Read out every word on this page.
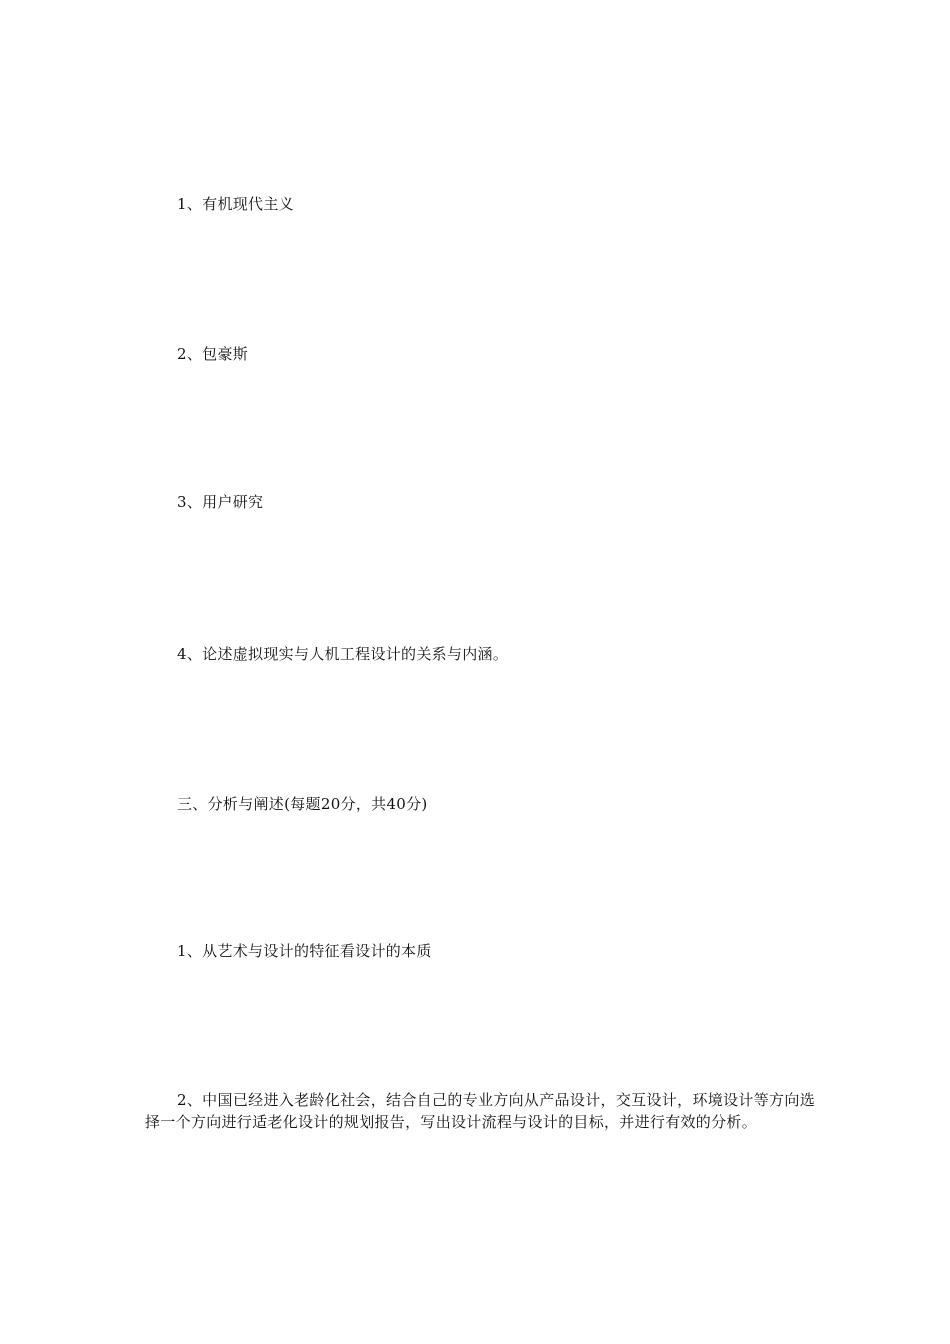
1、有机现代主义
2、包豪斯
3、用户研究
4、论述虚拟现实与人机工程设计的关系与内涵。
三、分析与阐述(每题20分，共40分)
1、从艺术与设计的特征看设计的本质
2、中国已经进入老龄化社会，结合自己的专业方向从产品设计，交互设计，环境设计等方向选择一个方向进行适老化设计的规划报告，写出设计流程与设计的目标，并进行有效的分析。
